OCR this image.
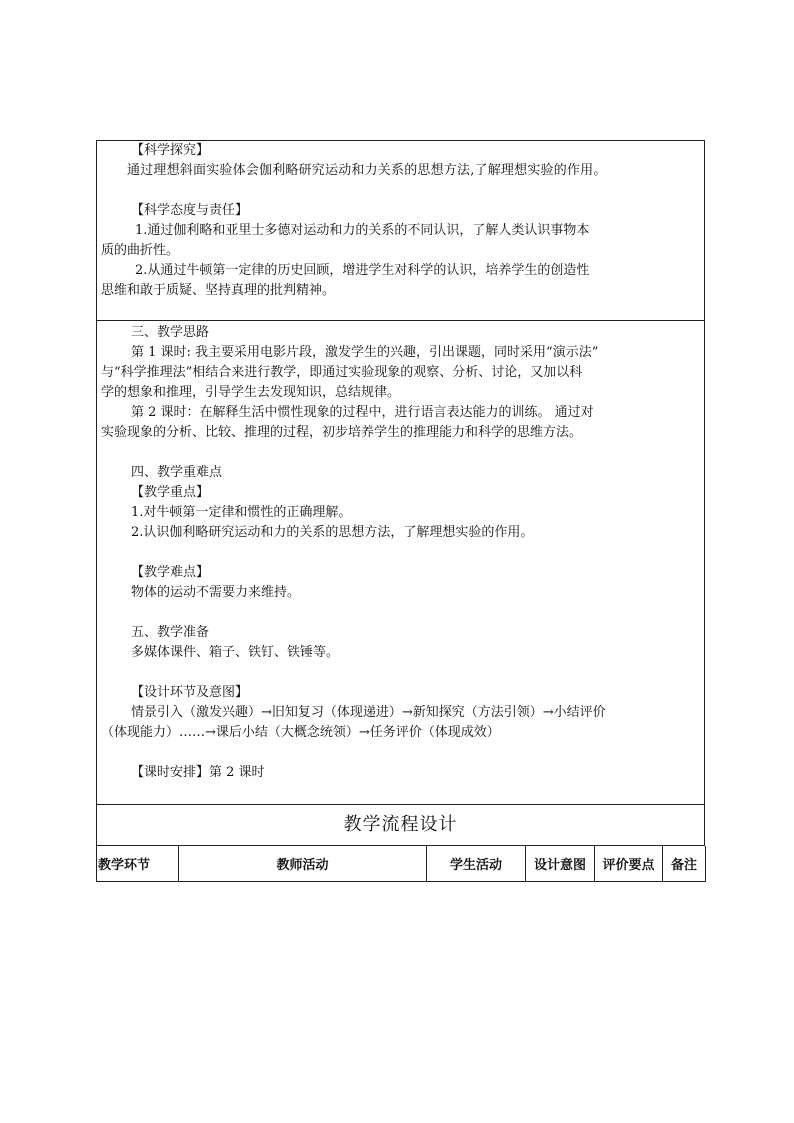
【科学探究】

通过理想斜面实验体会伽利略研究运动和力关系的思想方法,了解理想实验的作用。

【科学态度与责任】

1.通过伽利略和亚里士多德对运动和力的关系的不同认识，了解人类认识事物本

质的曲折性。

2.从通过牛顿第一定律的历史回顾，增进学生对科学的认识，培养学生的创造性

思维和敢于质疑、坚持真理的批判精神。

三、教学思路

第 1 课时: 我主要采用电影片段，激发学生的兴趣，引出课题，同时采用“演示法”

与“科学推理法”相结合来进行教学，即通过实验现象的观察、分析、讨论，又加以科

学的想象和推理，引导学生去发现知识，总结规律。

第 2 课时：在解释生活中惯性现象的过程中，进行语言表达能力的训练。 通过对

实验现象的分析、比较、推理的过程，初步培养学生的推理能力和科学的思维方法。

四、教学重难点

【教学重点】

1.对牛顿第一定律和惯性的正确理解。

2.认识伽利略研究运动和力的关系的思想方法，了解理想实验的作用。

【教学难点】

物体的运动不需要力来维持。

五、教学准备

多媒体课件、箱子、铁钉、铁锤等。

【设计环节及意图】

情景引入（激发兴趣）→旧知复习（体现递进）→新知探究（方法引领）→小结评价

（体现能力）……→课后小结（大概念统领）→任务评价（体现成效）

【课时安排】第 2 课时

教学流程设计
教学环节	教师活动	学生活动	设计意图	评价要点	备注
